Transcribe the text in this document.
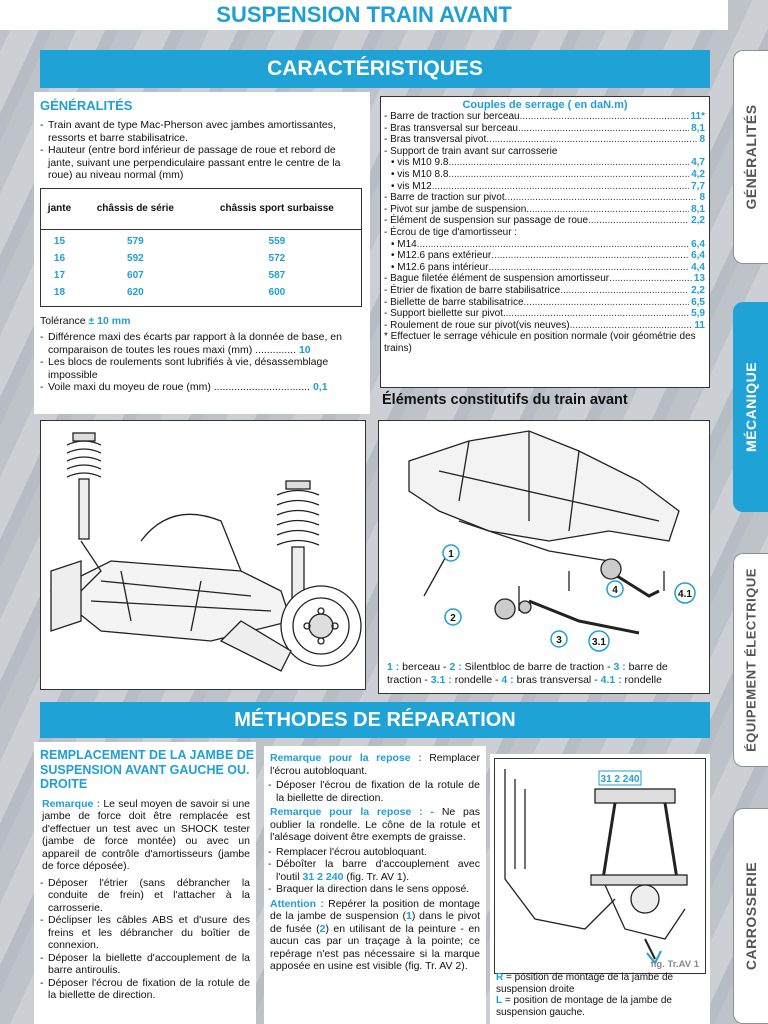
SUSPENSION TRAIN AVANT
GÉNÉRALITÉS
MÉCANIQUE
ÉQUIPEMENT ÉLECTRIQUE
CARROSSERIE
CARACTÉRISTIQUES
GÉNÉRALITÉS
- Train avant de type Mac-Pherson avec jambes amortissantes, ressorts et barre stabilisatrice.
- Hauteur (entre bord inférieur de passage de roue et rebord de jante, suivant une perpendiculaire passant entre le centre de la roue) au niveau normal (mm)
jante	châssis de série	châssis sport surbaisse
15	579	559
16	592	572
17	607	587
18	620	600
Tolérance ± 10 mm
- Différence maxi des écarts par rapport à la donnée de base, en comparaison de toutes les roues maxi (mm) .............. 10
- Les blocs de roulements sont lubrifiés à vie, désassemblage impossible
- Voile maxi du moyeu de roue (mm) ................................. 0,1
Couples de serrage ( en daN.m)
- Barre de traction sur berceau .....	11*
- Bras transversal sur berceau .....	8,1
- Bras transversal pivot .....	8
- Support de train avant sur carrosserie
• vis M10 9.8 .....	4,7
• vis M10 8.8 .....	4,2
• vis M12 .....	7,7
- Barre de traction sur pivot .....	8
- Pivot sur jambe de suspension .....	8,1
- Élément de suspension sur passage de roue .....	2,2
- Écrou de tige d'amortisseur :
• M14 .....	6,4
• M12.6 pans extérieur .....	6,4
• M12.6 pans intérieur .....	4,4
- Bague filetée élément de suspension amortisseur .....	13
- Étrier de fixation de barre stabilisatrice .....	2,2
- Biellette de barre stabilisatrice .....	6,5
- Support biellette sur pivot .....	5,9
- Roulement de roue sur pivot(vis neuves) .....	11
* Effectuer le serrage véhicule en position normale (voir géométrie des trains)
Éléments constitutifs du train avant
1
2
3	3.1
4	4.1
1 : berceau - 2 : Silentbloc de barre de traction - 3 : barre de traction - 3.1 : rondelle - 4 : bras transversal - 4.1 : rondelle
MÉTHODES DE RÉPARATION
REMPLACEMENT DE LA JAMBE DE SUSPENSION AVANT GAUCHE OU. DROITE
Remarque : Le seul moyen de savoir si une jambe de force doit être remplacée est d'effectuer un test avec un SHOCK tester (jambe de force montée) ou avec un appareil de contrôle d'amortisseurs (jambe de force déposée).
- Déposer l'étrier (sans débrancher la conduite de frein) et l'attacher à la carrosserie.
- Déclipser les câbles ABS et d'usure des freins et les débrancher du boîtier de connexion.
- Déposer la biellette d'accouplement de la barre antiroulis.
- Déposer l'écrou de fixation de la rotule de la biellette de direction.
Remarque pour la repose : Remplacer l'écrou autobloquant.
- Déposer l'écrou de fixation de la rotule de la biellette de direction.
Remarque pour la repose : - Ne pas oublier la rondelle. Le cône de la rotule et l'alésage doivent être exempts de graisse.
- Remplacer l'écrou autobloquant.
- Déboîter la barre d'accouplement avec l'outil 31 2 240 (fig. Tr. AV 1).
- Braquer la direction dans le sens opposé.
Attention : Repérer la position de montage de la jambe de suspension (1) dans le pivot de fusée (2) en utilisant de la peinture - en aucun cas par un traçage à la pointe; ce repérage n'est pas nécessaire si la marque apposée en usine est visible (fig. Tr. AV 2).
31 2 240
fig. Tr.AV 1
R = position de montage de la jambe de suspension droite
L = position de montage de la jambe de suspension gauche.
